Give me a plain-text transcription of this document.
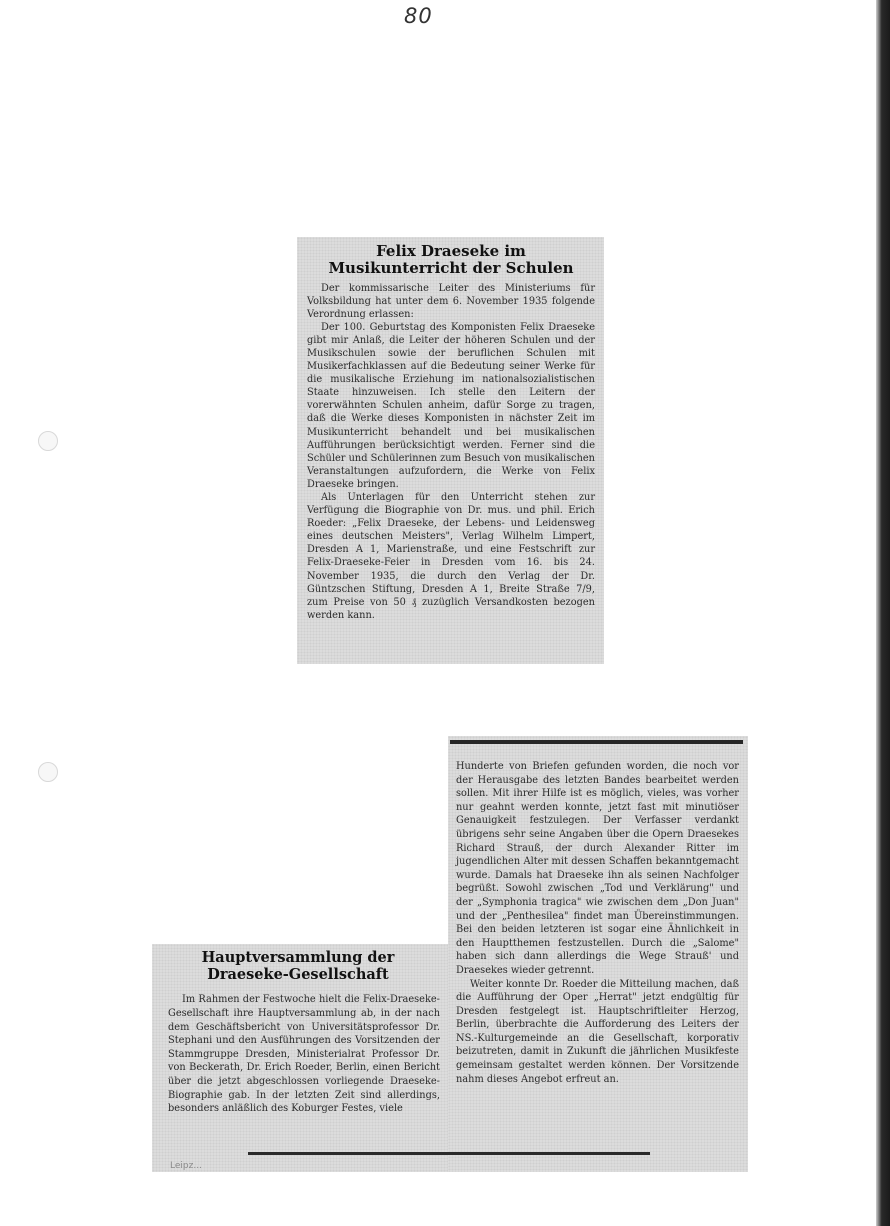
80
Felix Draeseke im Musikunterricht der Schulen

Der kommissarische Leiter des Ministeriums für Volksbildung hat unter dem 6. November 1935 folgende Verordnung erlassen:

Der 100. Geburtstag des Komponisten Felix Draeseke gibt mir Anlaß, die Leiter der höheren Schulen und der Musikschulen sowie der beruflichen Schulen mit Musikerfachklassen auf die Bedeutung seiner Werke für die musikalische Erziehung im nationalsozialistischen Staate hinzuweisen. Ich stelle den Leitern der vorerwähnten Schulen anheim, dafür Sorge zu tragen, daß die Werke dieses Komponisten in nächster Zeit im Musikunterricht behandelt und bei musikalischen Aufführungen berücksichtigt werden. Ferner sind die Schüler und Schülerinnen zum Besuch von musikalischen Veranstaltungen aufzufordern, die Werke von Felix Draeseke bringen.

Als Unterlagen für den Unterricht stehen zur Verfügung die Biographie von Dr. mus. und phil. Erich Roeder: „Felix Draeseke, der Lebens- und Leidensweg eines deutschen Meisters", Verlag Wilhelm Limpert, Dresden A 1, Marienstraße, und eine Festschrift zur Felix-Draeseke-Feier in Dresden vom 16. bis 24. November 1935, die durch den Verlag der Dr. Güntzschen Stiftung, Dresden A 1, Breite Straße 7/9, zum Preise von 50 ₰ zuzüglich Versandkosten bezogen werden kann.

Hunderte von Briefen gefunden worden, die noch vor der Herausgabe des letzten Bandes bearbeitet werden sollen. Mit ihrer Hilfe ist es möglich, vieles, was vorher nur geahnt werden konnte, jetzt fast mit minutiöser Genauigkeit festzulegen. Der Verfasser verdankt übrigens sehr seine Angaben über die Opern Draesekes Richard Strauß, der durch Alexander Ritter im jugendlichen Alter mit dessen Schaffen bekanntgemacht wurde. Damals hat Draeseke ihn als seinen Nachfolger begrüßt. Sowohl zwischen „Tod und Verklärung" und der „Symphonia tragica" wie zwischen dem „Don Juan" und der „Penthesilea" findet man Übereinstimmungen. Bei den beiden letzteren ist sogar eine Ähnlichkeit in den Hauptthemen festzustellen. Durch die „Salome" haben sich dann allerdings die Wege Strauß' und Draesekes wieder getrennt.

Weiter konnte Dr. Roeder die Mitteilung machen, daß die Aufführung der Oper „Herrat" jetzt endgültig für Dresden festgelegt ist. Hauptschriftleiter Herzog, Berlin, überbrachte die Aufforderung des Leiters der NS.-Kulturgemeinde an die Gesellschaft, korporativ beizutreten, damit in Zukunft die jährlichen Musikfeste gemeinsam gestaltet werden können. Der Vorsitzende nahm dieses Angebot erfreut an.

Hauptversammlung der Draeseke-Gesellschaft

Im Rahmen der Festwoche hielt die Felix-Draeseke-Gesellschaft ihre Hauptversammlung ab, in der nach dem Geschäftsbericht von Universitätsprofessor Dr. Stephani und den Ausführungen des Vorsitzenden der Stammgruppe Dresden, Ministerialrat Professor Dr. von Beckerath, Dr. Erich Roeder, Berlin, einen Bericht über die jetzt abgeschlossen vorliegende Draeseke-Biographie gab. In der letzten Zeit sind allerdings, besonders anläßlich des Koburger Festes, viele

Leipz...
